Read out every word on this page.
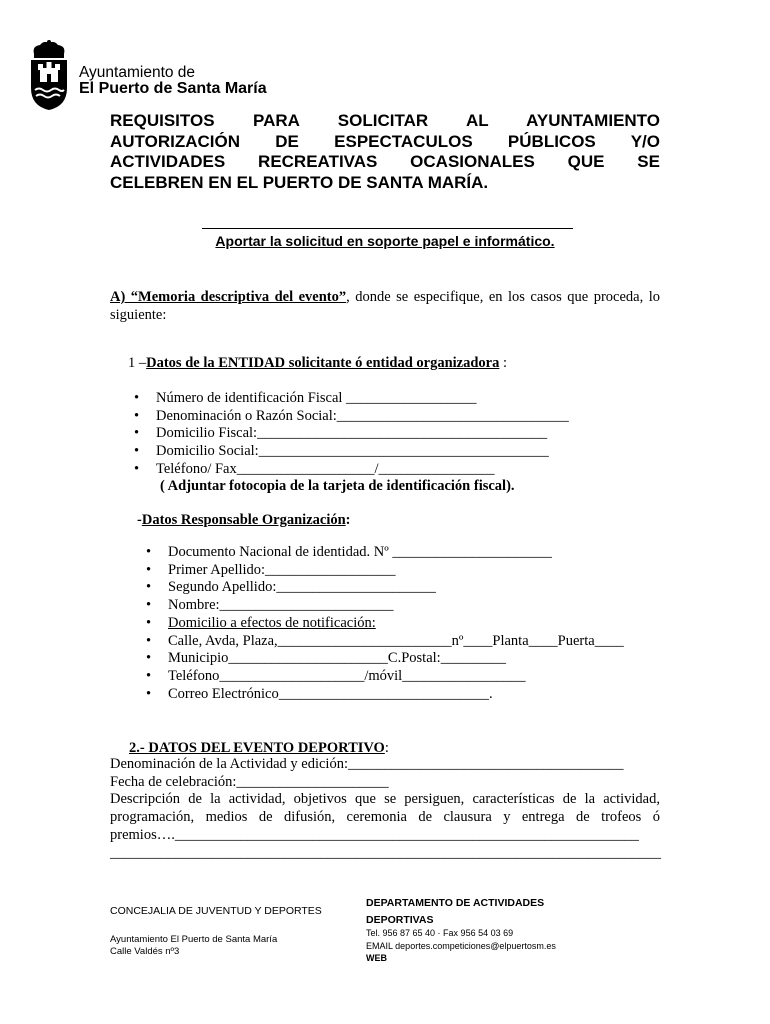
Ayuntamiento de
El Puerto de Santa María
REQUISITOS PARA SOLICITAR AL AYUNTAMIENTO
AUTORIZACIÓN DE ESPECTACULOS PÚBLICOS Y/O
ACTIVIDADES RECREATIVAS OCASIONALES QUE SE
CELEBREN EN EL PUERTO DE SANTA MARÍA.
Aportar la solicitud en soporte papel e informático.
A) “Memoria descriptiva del evento”, donde se especifique, en los casos que proceda, lo siguiente:
1 –Datos de la ENTIDAD solicitante ó entidad organizadora :
• Número de identificación Fiscal __________________
• Denominación o Razón Social:________________________________
• Domicilio Fiscal:________________________________________
• Domicilio Social:________________________________________
• Teléfono/ Fax___________________/________________
( Adjuntar fotocopia de la tarjeta de identificación fiscal).
-Datos Responsable Organización:
• Documento Nacional de identidad. Nº ______________________
• Primer Apellido:__________________
• Segundo Apellido:______________________
• Nombre:________________________
• Domicilio a efectos de notificación:
• Calle, Avda, Plaza,________________________nº____Planta____Puerta____
• Municipio______________________C.Postal:_________
• Teléfono____________________/móvil_________________
• Correo Electrónico_____________________________.
2.- DATOS DEL EVENTO DEPORTIVO:
Denominación de la Actividad y edición:______________________________________
Fecha de celebración:_____________________
Descripción de la actividad, objetivos que se persiguen, características de la actividad, programación, medios de difusión, ceremonia de clausura y entrega de trofeos ó premios….________________________________________________________________
____________________________________________________________________________
CONCEJALIA DE JUVENTUD Y DEPORTES
Ayuntamiento El Puerto de Santa María
Calle Valdés nº3
DEPARTAMENTO DE ACTIVIDADES DEPORTIVAS
Tel. 956 87 65 40 · Fax 956 54 03 69
EMAIL deportes.competiciones@elpuertosm.es
WEB
